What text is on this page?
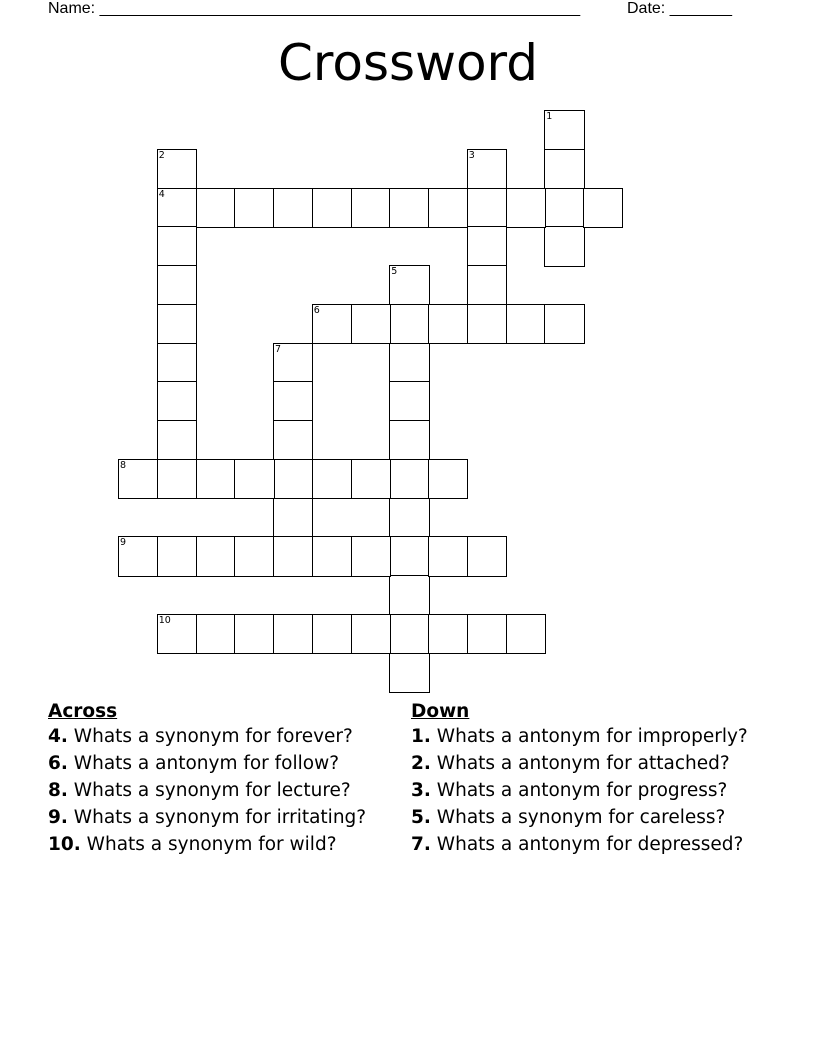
Name: ______________________________________________________	Date: _______
Crossword
1
2
4
3
5
6
7
8
9
10
Across
4. Whats a synonym for forever?
6. Whats a antonym for follow?
8. Whats a synonym for lecture?
9. Whats a synonym for irritating?
10. Whats a synonym for wild?
Down
1. Whats a antonym for improperly?
2. Whats a antonym for attached?
3. Whats a antonym for progress?
5. Whats a synonym for careless?
7. Whats a antonym for depressed?
